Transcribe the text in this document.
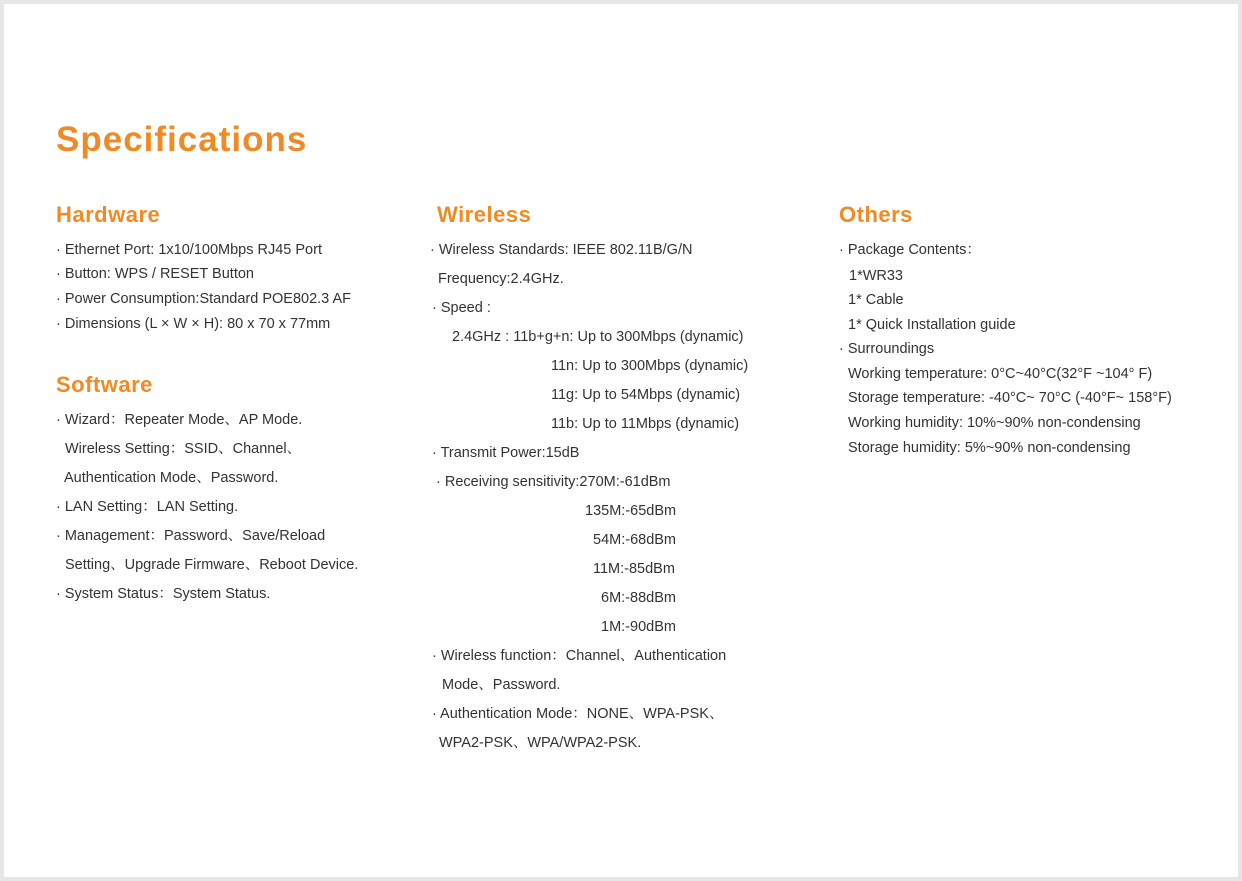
Specifications
Hardware

· Ethernet Port: 1x10/100Mbps RJ45 Port

· Button: WPS / RESET Button

· Power Consumption:Standard POE802.3 AF

· Dimensions (L × W × H): 80 x 70 x 77mm

Software

· Wizard：Repeater Mode、AP Mode.

Wireless Setting：SSID、Channel、

Authentication Mode、Password.

· LAN Setting：LAN Setting.

· Management：Password、Save/Reload

Setting、Upgrade Firmware、Reboot Device.

· System Status：System Status.

Wireless

· Wireless Standards: IEEE 802.11B/G/N

Frequency:2.4GHz.

· Speed :

2.4GHz : 11b+g+n: Up to 300Mbps (dynamic)

11n: Up to 300Mbps (dynamic)

11g: Up to 54Mbps (dynamic)

11b: Up to 11Mbps (dynamic)

· Transmit Power:15dB

· Receiving sensitivity:270M:-61dBm

135M:-65dBm

54M:-68dBm

11M:-85dBm

6M:-88dBm

1M:-90dBm

· Wireless function：Channel、Authentication

Mode、Password.

· Authentication Mode：NONE、WPA-PSK、

WPA2-PSK、WPA/WPA2-PSK.

Others

· Package Contents：

1*WR33

1* Cable

1* Quick Installation guide

· Surroundings

Working temperature: 0°C~40°C(32°F ~104° F)

Storage temperature: -40°C~ 70°C (-40°F~ 158°F)

Working humidity: 10%~90% non-condensing

Storage humidity: 5%~90% non-condensing
